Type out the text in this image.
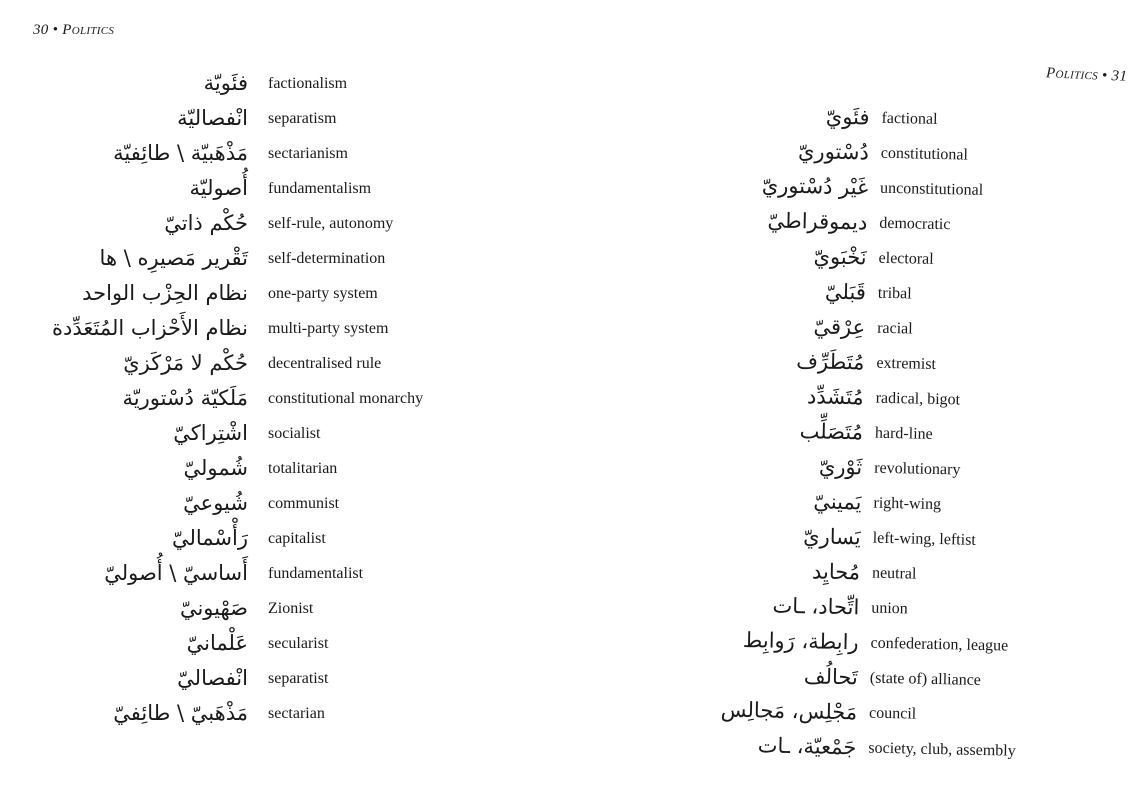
30 • Politics
فئَويّة factionalism
انْفصاليّة separatism
مَذْهَبيّة \ طائِفيّة sectarianism
أُصوليّة fundamentalism
حُكْم ذاتيّ self-rule, autonomy
تَقْرير مَصيرِه \ ها self-determination
نظام الحِزْب الواحد one-party system
نظام الأَحْزاب المُتَعَدِّدة multi-party system
حُكْم لا مَرْكَزيّ decentralised rule
مَلَكيّة دُسْتوريّة constitutional monarchy
اشْتِراكيّ socialist
شُموليّ totalitarian
شُيوعيّ communist
رَأْسْماليّ capitalist
أَساسيّ \ أُصوليّ fundamentalist
صَهْيونيّ Zionist
عَلْمانيّ secularist
انْفصاليّ separatist
مَذْهَبيّ \ طائِفيّ sectarian
Politics • 31
فئَويّ factional
دُسْتوريّ constitutional
غَيْر دُسْتوريّ unconstitutional
ديموقراطيّ democratic
نَخْبَويّ electoral
قَبَليّ tribal
عِرْقيّ racial
مُتَطَرِّف extremist
مُتَشَدِّد radical, bigot
مُتَصَلِّب hard-line
ثَوْريّ revolutionary
يَمينيّ right-wing
يَساريّ left-wing, leftist
مُحايِد neutral
اتِّحاد، ـات union
رابِطة، رَوابِط confederation, league
تَحالُف (state of) alliance
مَجْلِس، مَجالِس council
جَمْعيّة، ـات society, club, assembly
